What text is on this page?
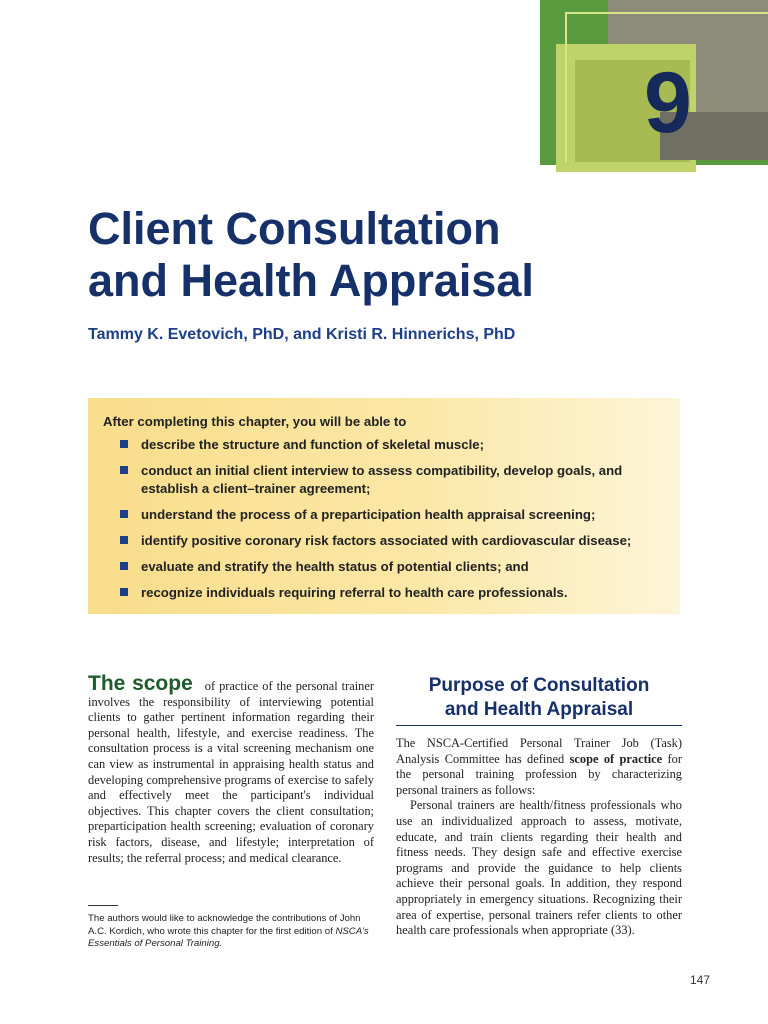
9
Client Consultation
and Health Appraisal
Tammy K. Evetovich, PhD, and Kristi R. Hinnerichs, PhD

After completing this chapter, you will be able to

describe the structure and function of skeletal muscle;
conduct an initial client interview to assess compatibility, develop goals, and establish a client–trainer agreement;
understand the process of a preparticipation health appraisal screening;
identify positive coronary risk factors associated with cardiovascular disease;
evaluate and stratify the health status of potential clients; and
recognize individuals requiring referral to health care professionals.

The scope of practice of the personal trainer involves the responsibility of interviewing potential clients to gather pertinent information regarding their personal health, lifestyle, and exercise readiness. The consultation process is a vital screening mechanism one can view as instrumental in appraising health status and developing comprehensive programs of exercise to safely and effectively meet the participant's individual objectives. This chapter covers the client consultation; preparticipation health screening; evaluation of coronary risk factors, disease, and lifestyle; interpretation of results; the referral process; and medical clearance.

The authors would like to acknowledge the contributions of John A.C. Kordich, who wrote this chapter for the first edition of NSCA's Essentials of Personal Training.

Purpose of Consultation
and Health Appraisal

The NSCA-Certified Personal Trainer Job (Task) Analysis Committee has defined scope of practice for the personal training profession by characterizing personal trainers as follows:

Personal trainers are health/fitness professionals who use an individualized approach to assess, motivate, educate, and train clients regarding their health and fitness needs. They design safe and effective exercise programs and provide the guidance to help clients achieve their personal goals. In addition, they respond appropriately in emergency situations. Recognizing their area of expertise, personal trainers refer clients to other health care professionals when appropriate (33).

147
